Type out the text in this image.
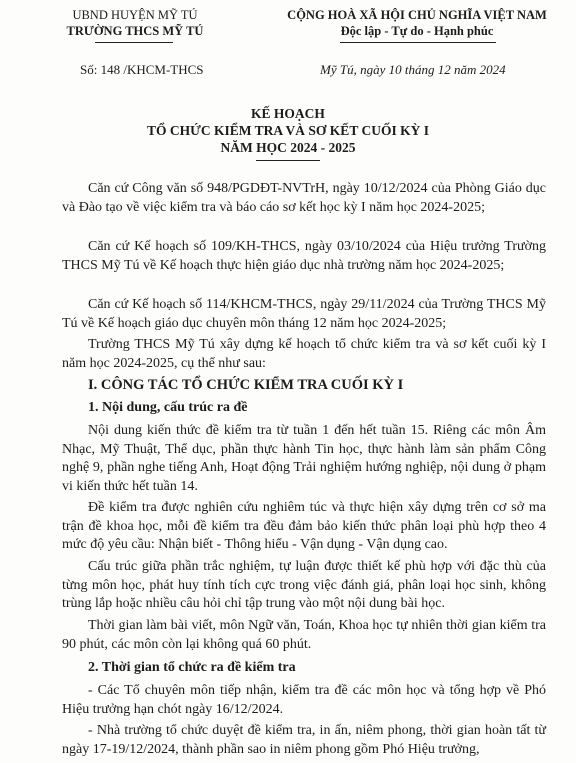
UBND HUYỆN MỸ TÚ
TRƯỜNG THCS MỸ TÚ
CỘNG HOÀ XÃ HỘI CHỦ NGHĨA VIỆT NAM
Độc lập - Tự do - Hạnh phúc
Số: 148 /KHCM-THCS	Mỹ Tú, ngày 10 tháng 12 năm 2024
KẾ HOẠCH
TỔ CHỨC KIỂM TRA VÀ SƠ KẾT CUỐI KỲ I
NĂM HỌC 2024 - 2025
Căn cứ Công văn số 948/PGDĐT-NVTrH, ngày 10/12/2024 của Phòng Giáo dục và Đào tạo về việc kiểm tra và báo cáo sơ kết học kỳ I năm học 2024-2025;
Căn cứ Kế hoạch số 109/KH-THCS, ngày 03/10/2024 của Hiệu trưởng Trường THCS Mỹ Tú về Kế hoạch thực hiện giáo dục nhà trường năm học 2024-2025;
Căn cứ Kế hoạch số 114/KHCM-THCS, ngày 29/11/2024 của Trường THCS Mỹ Tú về Kế hoạch giáo dục chuyên môn tháng 12 năm học 2024-2025;
Trường THCS Mỹ Tú xây dựng kế hoạch tổ chức kiểm tra và sơ kết cuối kỳ I năm học 2024-2025, cụ thể như sau:
I. CÔNG TÁC TỔ CHỨC KIỂM TRA CUỐI KỲ I
1. Nội dung, cấu trúc ra đề
Nội dung kiến thức đề kiểm tra từ tuần 1 đến hết tuần 15. Riêng các môn Âm Nhạc, Mỹ Thuật, Thể dục, phần thực hành Tin học, thực hành làm sản phẩm Công nghệ 9, phần nghe tiếng Anh, Hoạt động Trải nghiệm hướng nghiệp, nội dung ở phạm vi kiến thức hết tuần 14.
Đề kiểm tra được nghiên cứu nghiêm túc và thực hiện xây dựng trên cơ sở ma trận đề khoa học, mỗi đề kiểm tra đều đảm bảo kiến thức phân loại phù hợp theo 4 mức độ yêu cầu: Nhận biết - Thông hiểu - Vận dụng - Vận dụng cao.
Cấu trúc giữa phần trắc nghiệm, tự luận được thiết kế phù hợp với đặc thù của từng môn học, phát huy tính tích cực trong việc đánh giá, phân loại học sinh, không trùng lắp hoặc nhiều câu hỏi chỉ tập trung vào một nội dung bài học.
Thời gian làm bài viết, môn Ngữ văn, Toán, Khoa học tự nhiên thời gian kiểm tra 90 phút, các môn còn lại không quá 60 phút.
2. Thời gian tổ chức ra đề kiểm tra
- Các Tổ chuyên môn tiếp nhận, kiểm tra đề các môn học và tổng hợp về Phó Hiệu trưởng hạn chót ngày 16/12/2024.
- Nhà trường tổ chức duyệt đề kiểm tra, in ấn, niêm phong, thời gian hoàn tất từ ngày 17-19/12/2024, thành phần sao in niêm phong gồm Phó Hiệu trưởng,
